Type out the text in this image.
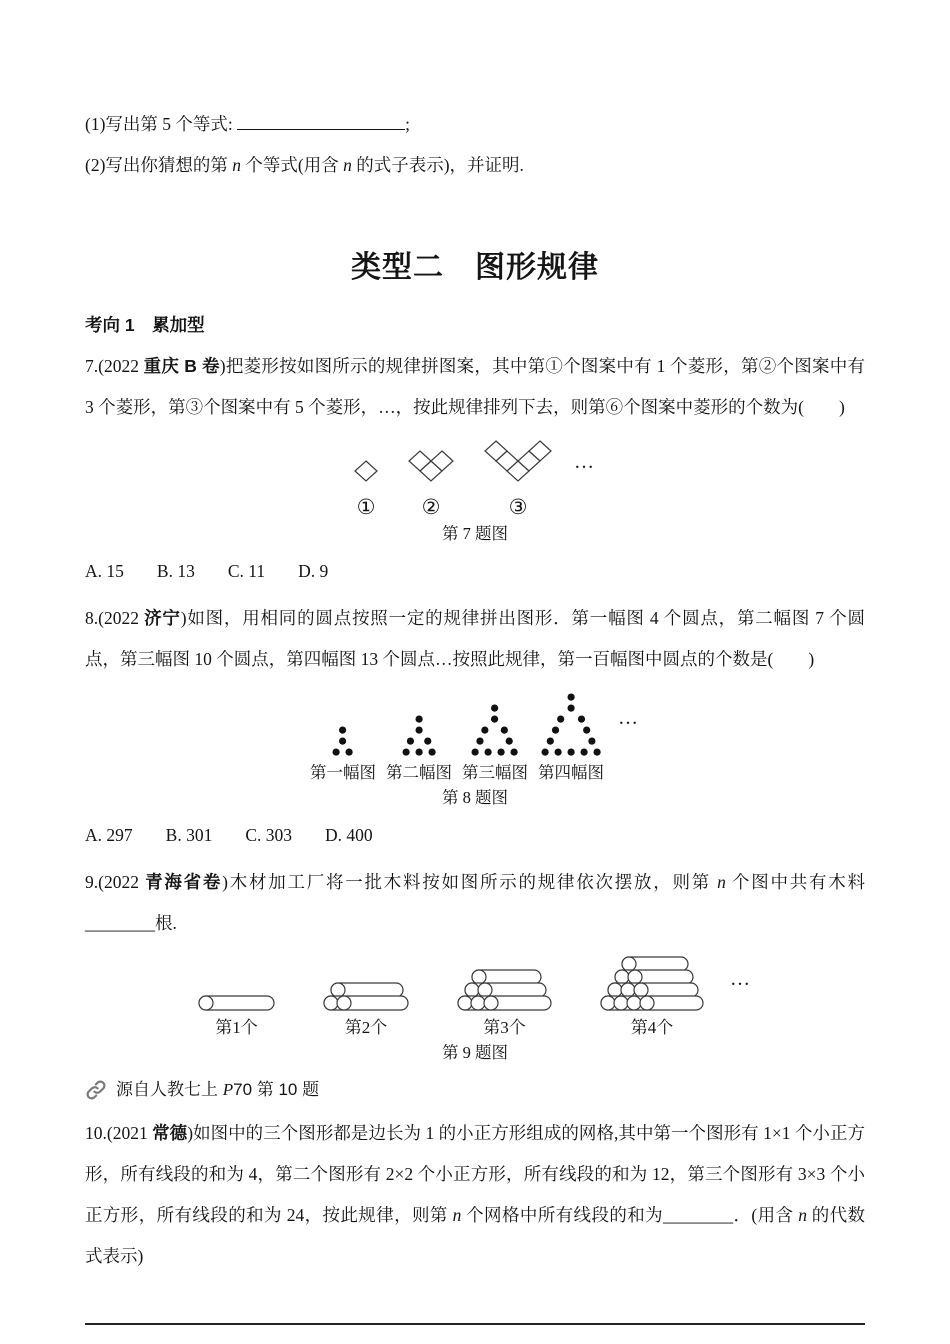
(1)写出第 5 个等式:	;

(2)写出你猜想的第 n 个等式(用含 n 的式子表示)，并证明.

类型二　图形规律
考向 1　累加型

7.(2022 重庆 B 卷)把菱形按如图所示的规律拼图案，其中第①个图案中有 1 个菱形，第②个图案中有 3 个菱形，第③个图案中有 5 个菱形，…，按此规律排列下去，则第⑥个图案中菱形的个数为(　　)

① ②	③
…
第 7 题图

A. 15 B. 13 C. 11 D. 9

8.(2022 济宁)如图，用相同的圆点按照一定的规律拼出图形．第一幅图 4 个圆点，第二幅图 7 个圆点，第三幅图 10 个圆点，第四幅图 13 个圆点…按照此规律，第一百幅图中圆点的个数是(　　)

第一幅图 第二幅图 第三幅图 第四幅图
…
第 8 题图

A. 297 B. 301 C. 303 D. 400

9.(2022 青海省卷)木材加工厂将一批木料按如图所示的规律依次摆放，则第 n 个图中共有木料________根.

第1个	第2个	第3个	第4个
…
第 9 题图
源自人教七上 P70 第 10 题

10.(2021 常德)如图中的三个图形都是边长为 1 的小正方形组成的网格,其中第一个图形有 1×1 个小正方形，所有线段的和为 4，第二个图形有 2×2 个小正方形，所有线段的和为 12，第三个图形有 3×3 个小正方形，所有线段的和为 24，按此规律，则第 n 个网格中所有线段的和为________．(用含 n 的代数式表示)
